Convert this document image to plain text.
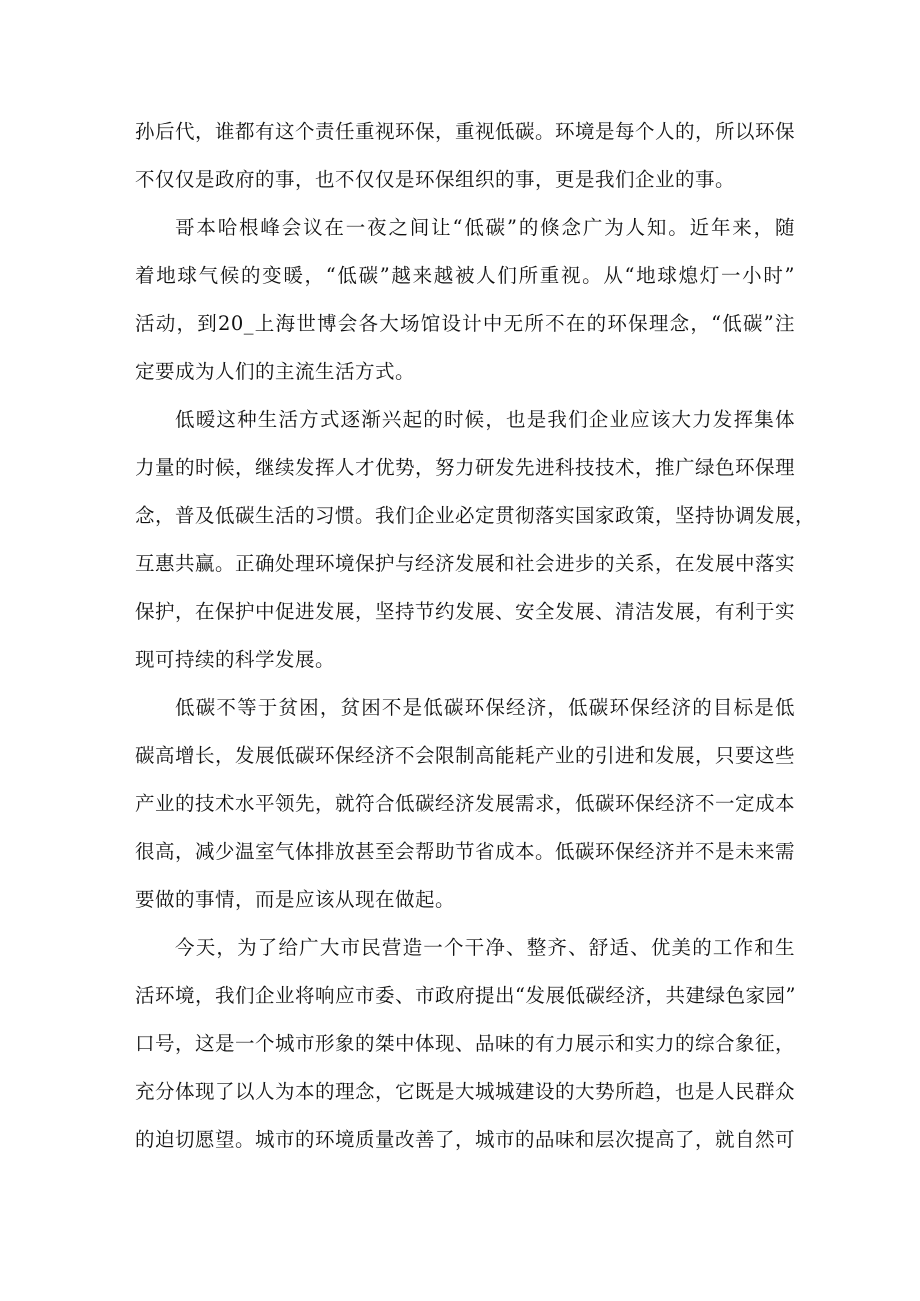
孙后代，谁都有这个责任重视环保，重视低碳。环境是每个人的，所以环保
不仅仅是政府的事，也不仅仅是环保组织的事，更是我们企业的事。
哥本哈根峰会议在一夜之间让“低碳”的倏念广为人知。近年来，随
着地球气候的变暖，“低碳”越来越被人们所重视。从“地球熄灯一小时”
活动，到20_上海世博会各大场馆设计中无所不在的环保理念，“低碳”注
定要成为人们的主流生活方式。
低暧这种生活方式逐渐兴起的时候，也是我们企业应该大力发挥集体
力量的时候，继续发挥人才优势，努力研发先进科技技术，推广绿色环保理
念，普及低碳生活的习惯。我们企业必定贯彻落实国家政策，坚持协调发展，
互惠共赢。正确处理环境保护与经济发展和社会进步的关系，在发展中落实
保护，在保护中促进发展，坚持节约发展、安全发展、清洁发展，有利于实
现可持续的科学发展。
低碳不等于贫困，贫困不是低碳环保经济，低碳环保经济的目标是低
碳高增长，发展低碳环保经济不会限制高能耗产业的引进和发展，只要这些
产业的技术水平领先，就符合低碳经济发展需求，低碳环保经济不一定成本
很高，减少温室气体排放甚至会帮助节省成本。低碳环保经济并不是未来需
要做的事情，而是应该从现在做起。
今天，为了给广大市民营造一个干净、整齐、舒适、优美的工作和生
活环境，我们企业将响应市委、市政府提出“发展低碳经济，共建绿色家园”
口号，这是一个城市形象的桀中体现、品味的有力展示和实力的综合象征，
充分体现了以人为本的理念，它既是大城城建设的大势所趋，也是人民群众
的迫切愿望。城市的环境质量改善了，城市的品味和层次提高了，就自然可
